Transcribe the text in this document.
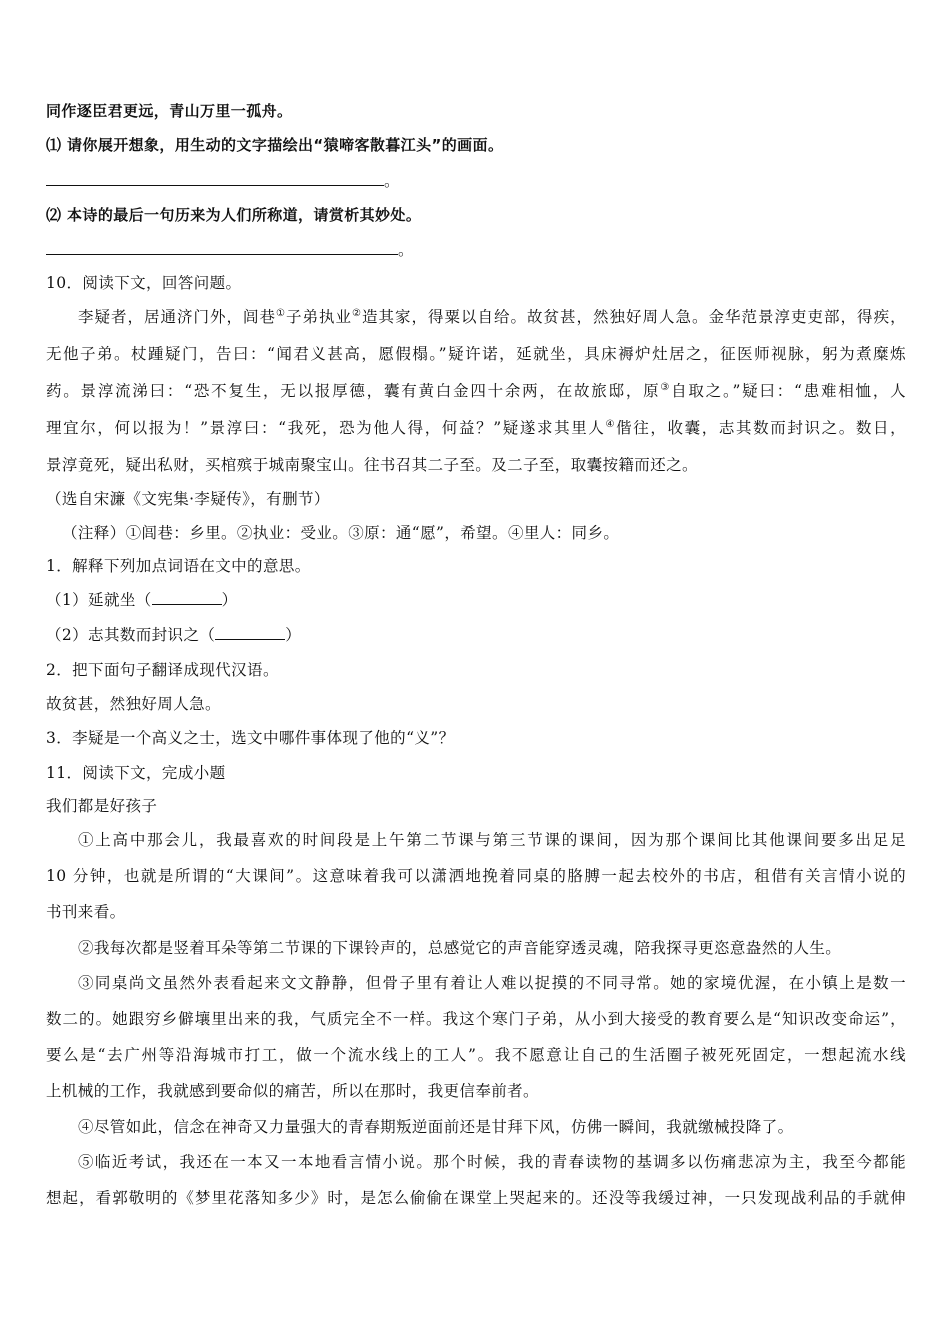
同作逐臣君更远，青山万里一孤舟。
⑴ 请你展开想象，用生动的文字描绘出“猿啼客散暮江头”的画面。
。
⑵ 本诗的最后一句历来为人们所称道，请赏析其妙处。
。
10．阅读下文，回答问题。
李疑者，居通济门外，闾巷①子弟执业②造其家，得粟以自给。故贫甚，然独好周人急。金华范景淳吏吏部，得疾，
无他子弟。杖踵疑门，告曰：“闻君义甚高，愿假榻。”疑许诺，延就坐，具床褥炉灶居之，征医师视脉，躬为煮糜炼
药。景淳流涕曰：“恐不复生，无以报厚德，囊有黄白金四十余两，在故旅邸，原③自取之。”疑曰：“患难相恤，人
理宜尔，何以报为！”景淳曰：“我死，恐为他人得，何益？”疑遂求其里人④偕往，收囊，志其数而封识之。数日，
景淳竟死，疑出私财，买棺殡于城南聚宝山。往书召其二子至。及二子至，取囊按籍而还之。
（选自宋濂《文宪集·李疑传》，有删节）
（注释）①闾巷：乡里。②执业：受业。③原：通“愿”，希望。④里人：同乡。
1．解释下列加点词语在文中的意思。
（1）延就坐（	）
（2）志其数而封识之（	）
2．把下面句子翻译成现代汉语。
故贫甚，然独好周人急。
3．李疑是一个高义之士，选文中哪件事体现了他的“义”？
11．阅读下文，完成小题
我们都是好孩子
①上高中那会儿，我最喜欢的时间段是上午第二节课与第三节课的课间，因为那个课间比其他课间要多出足足
10 分钟，也就是所谓的“大课间”。这意味着我可以潇洒地挽着同桌的胳膊一起去校外的书店，租借有关言情小说的
书刊来看。
②我每次都是竖着耳朵等第二节课的下课铃声的，总感觉它的声音能穿透灵魂，陪我探寻更恣意盎然的人生。
③同桌尚文虽然外表看起来文文静静，但骨子里有着让人难以捉摸的不同寻常。她的家境优渥，在小镇上是数一
数二的。她跟穷乡僻壤里出来的我，气质完全不一样。我这个寒门子弟，从小到大接受的教育要么是“知识改变命运”，
要么是“去广州等沿海城市打工，做一个流水线上的工人”。我不愿意让自己的生活圈子被死死固定，一想起流水线
上机械的工作，我就感到要命似的痛苦，所以在那时，我更信奉前者。
④尽管如此，信念在神奇又力量强大的青春期叛逆面前还是甘拜下风，仿佛一瞬间，我就缴械投降了。
⑤临近考试，我还在一本又一本地看言情小说。那个时候，我的青春读物的基调多以伤痛悲凉为主，我至今都能
想起，看郭敬明的《梦里花落知多少》时，是怎么偷偷在课堂上哭起来的。还没等我缓过神，一只发现战利品的手就伸
